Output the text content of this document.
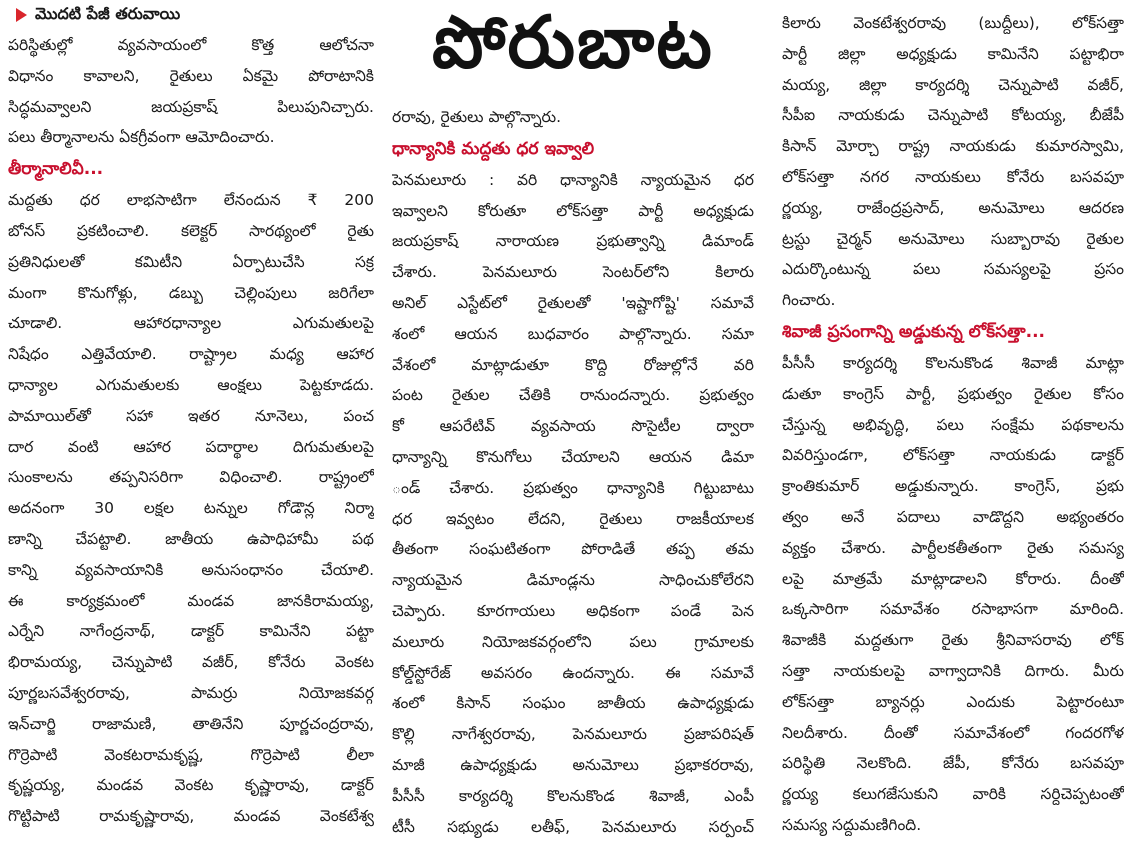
మొదటి పేజీ తరువాయి
పరిస్థితుల్లో వ్యవసాయంలో కొత్త ఆలోచనా
విధానం కావాలని, రైతులు ఏకమై పోరాటానికి
సిద్ధమవ్వాలని జయప్రకాష్ పిలుపునిచ్చారు.
పలు తీర్మానాలను ఏకగ్రీవంగా ఆమోదించారు.
తీర్మానాలివీ...
మద్దతు ధర లాభసాటిగా లేనందున ₹ 200
బోనస్ ప్రకటించాలి. కలెక్టర్ సారథ్యంలో రైతు
ప్రతినిధులతో కమిటీని ఏర్పాటుచేసి సక్ర
మంగా కొనుగోళ్లు, డబ్బు చెల్లింపులు జరిగేలా
చూడాలి. ఆహారధాన్యాల ఎగుమతులపై
నిషేధం ఎత్తివేయాలి. రాష్ట్రాల మధ్య ఆహార
ధాన్యాల ఎగుమతులకు ఆంక్షలు పెట్టకూడదు.
పామాయిల్‌తో సహా ఇతర నూనెలు, పంచ
దార వంటి ఆహార పదార్థాల దిగుమతులపై
సుంకాలను తప్పనిసరిగా విధించాలి. రాష్ట్రంలో
అదనంగా 30 లక్షల టన్నుల గోడౌన్ల నిర్మా
ణాన్ని చేపట్టాలి. జాతీయ ఉపాధిహామీ పథ
కాన్ని వ్యవసాయానికి అనుసంధానం చేయాలి.
ఈ కార్యక్రమంలో మండవ జానకిరామయ్య,
ఎర్నేని నాగేంద్రనాథ్, డాక్టర్ కామినేని పట్టా
భిరామయ్య, చెన్నుపాటి వజీర్, కోనేరు వెంకట
పూర్ణబసవేశ్వరరావు, పామర్రు నియోజకవర్గ
ఇన్‌చార్జి రాజామణి, తాతినేని పూర్ణచంద్రరావు,
గొర్రెపాటి వెంకటరామకృష్ణ, గొర్రెపాటి లీలా
కృష్ణయ్య, మండవ వెంకట కృష్ణారావు, డాక్టర్
గొట్టిపాటి రామకృష్ణారావు, మండవ వెంకటేశ్వ
పోరుబాట
రరావు, రైతులు పాల్గొన్నారు.
ధాన్యానికి మద్దతు ధర ఇవ్వాలి
పెనమలూరు : వరి ధాన్యానికి న్యాయమైన ధర
ఇవ్వాలని కోరుతూ లోక్‌సత్తా పార్టీ అధ్యక్షుడు
జయప్రకాష్ నారాయణ ప్రభుత్వాన్ని డిమాండ్
చేశారు. పెనమలూరు సెంటర్‌లోని కిలారు
అనిల్ ఎస్టేట్‌లో రైతులతో 'ఇష్టాగోష్టి' సమావే
శంలో ఆయన బుధవారం పాల్గొన్నారు. సమా
వేశంలో మాట్లాడుతూ కొద్ది రోజుల్లోనే వరి
పంట రైతుల చేతికి రానుందన్నారు. ప్రభుత్వం
కో ఆపరేటివ్ వ్యవసాయ సొసైటీల ద్వారా
ధాన్యాన్ని కొనుగోలు చేయాలని ఆయన డిమా
ండ్ చేశారు. ప్రభుత్వం ధాన్యానికి గిట్టుబాటు
ధర ఇవ్వటం లేదని, రైతులు రాజకీయాలక
తీతంగా సంఘటితంగా పోరాడితే తప్ప తమ
న్యాయమైన డిమాండ్లను సాధించుకోలేరని
చెప్పారు. కూరగాయలు అధికంగా పండే పెన
మలూరు నియోజకవర్గంలోని పలు గ్రామాలకు
కోల్డ్‌స్టోరేజ్ అవసరం ఉందన్నారు. ఈ సమావే
శంలో కిసాన్ సంఘం జాతీయ ఉపాధ్యక్షుడు
కొల్లి నాగేశ్వరరావు, పెనమలూరు ప్రజాపరిషత్
మాజీ ఉపాధ్యక్షుడు అనుమోలు ప్రభాకరరావు,
పీసీసీ కార్యదర్శి కొలనుకొండ శివాజీ, ఎంపీ
టీసీ సభ్యుడు లతీఫ్, పెనమలూరు సర్పంచ్
కిలారు వెంకటేశ్వరరావు (బుద్దీలు), లోక్‌సత్తా
పార్టీ జిల్లా అధ్యక్షుడు కామినేని పట్టాభిరా
మయ్య, జిల్లా కార్యదర్శి చెన్నుపాటి వజీర్,
సీపీఐ నాయకుడు చెన్నుపాటి కోటయ్య, బీజేపీ
కిసాన్ మోర్చా రాష్ట్ర నాయకుడు కుమారస్వామి,
లోక్‌సత్తా నగర నాయకులు కోనేరు బసవపూ
ర్ణయ్య, రాజేంద్రప్రసాద్, అనుమోలు ఆదరణ
ట్రస్టు చైర్మన్ అనుమోలు సుబ్బారావు రైతుల
ఎదుర్కొంటున్న పలు సమస్యలపై ప్రసం
గించారు.
శివాజీ ప్రసంగాన్ని అడ్డుకున్న లోక్‌సత్తా...
పీసీసీ కార్యదర్శి కొలనుకొండ శివాజీ మాట్లా
డుతూ కాంగ్రెస్ పార్టీ, ప్రభుత్వం రైతుల కోసం
చేస్తున్న అభివృద్ధి, పలు సంక్షేమ పథకాలను
వివరిస్తుండగా, లోక్‌సత్తా నాయకుడు డాక్టర్
క్రాంతికుమార్ అడ్డుకున్నారు. కాంగ్రెస్, ప్రభు
త్వం అనే పదాలు వాడొద్దని అభ్యంతరం
వ్యక్తం చేశారు. పార్టీలకతీతంగా రైతు సమస్య
లపై మాత్రమే మాట్లాడాలని కోరారు. దీంతో
ఒక్కసారిగా సమావేశం రసాభాసగా మారింది.
శివాజీకి మద్దతుగా రైతు శ్రీనివాసరావు లోక్
సత్తా నాయకులపై వాగ్వాదానికి దిగారు. మీరు
లోక్‌సత్తా బ్యానర్లు ఎందుకు పెట్టారంటూ
నిలదీశారు. దీంతో సమావేశంలో గందరగోళ
పరిస్థితి నెలకొంది. జేపీ, కోనేరు బసవపూ
ర్ణయ్య కలుగజేసుకుని వారికి సర్దిచెప్పటంతో
సమస్య సద్దుమణిగింది.
